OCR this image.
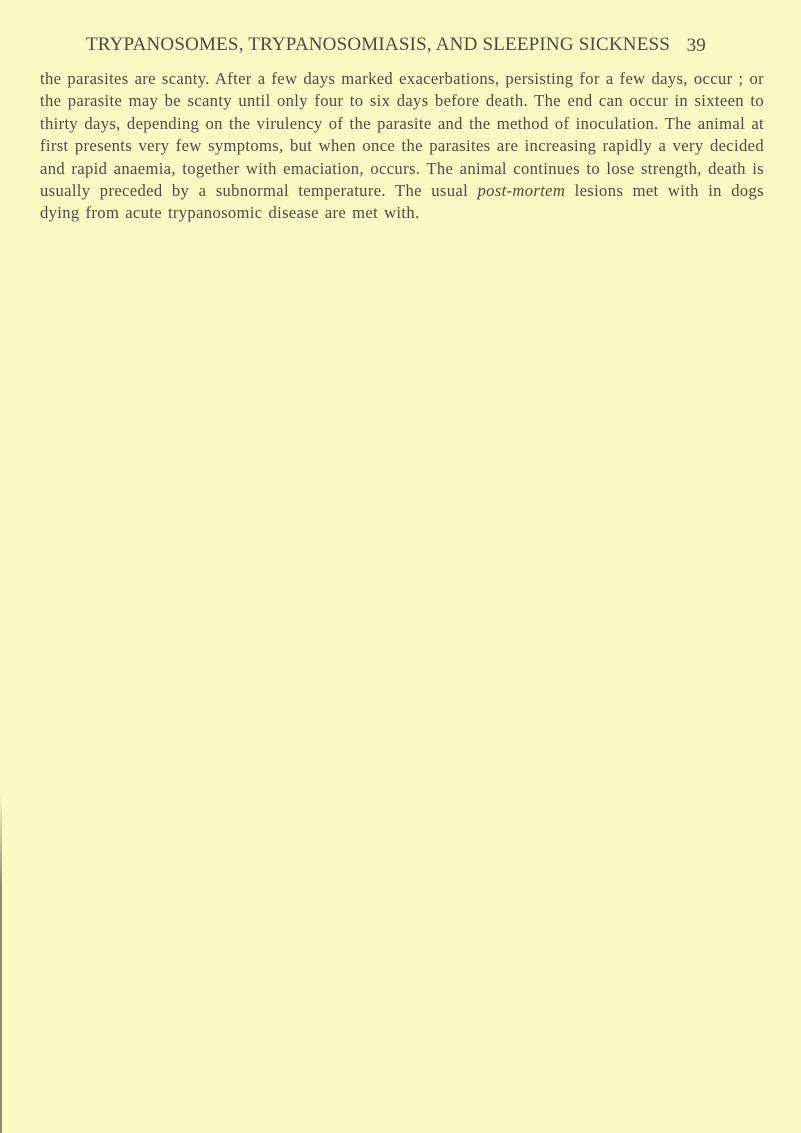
TRYPANOSOMES, TRYPANOSOMIASIS, AND SLEEPING SICKNESS 39

the parasites are scanty. After a few days marked exacerbations, persisting for a few days, occur ; or the parasite may be scanty until only four to six days before death. The end can occur in sixteen to thirty days, depending on the virulency of the parasite and the method of inoculation. The animal at first presents very few symptoms, but when once the parasites are increasing rapidly a very decided and rapid anaemia, together with emaciation, occurs. The animal continues to lose strength, death is usually preceded by a subnormal temperature. The usual post-mortem lesions met with in dogs dying from acute trypanosomic disease are met with.
